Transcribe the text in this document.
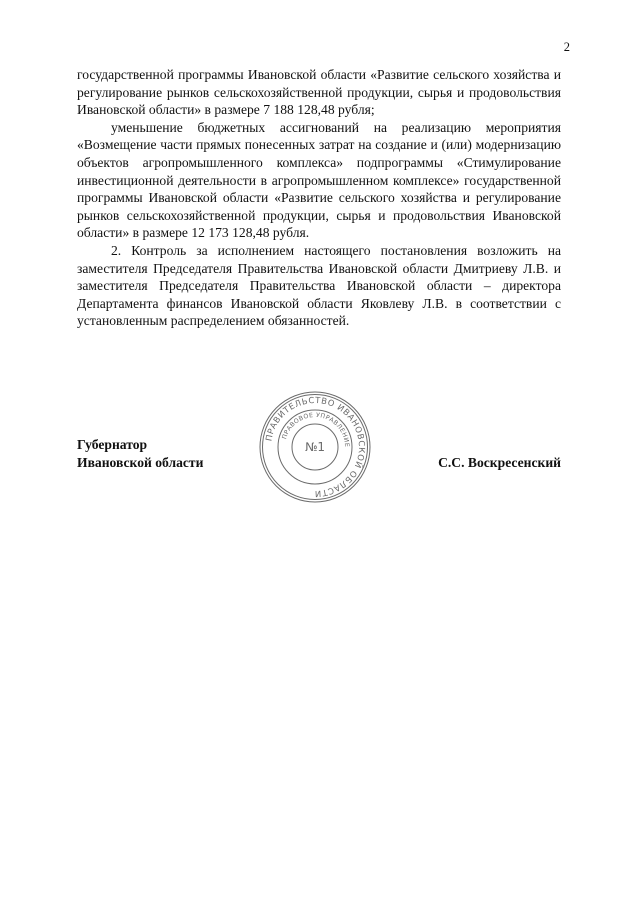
2

государственной программы Ивановской области «Развитие сельского хозяйства и регулирование рынков сельскохозяйственной продукции, сырья и продовольствия Ивановской области» в размере 7 188 128,48 рубля;

уменьшение бюджетных ассигнований на реализацию мероприятия «Возмещение части прямых понесенных затрат на создание и (или) модернизацию объектов агропромышленного комплекса» подпрограммы «Стимулирование инвестиционной деятельности в агропромышленном комплексе» государственной программы Ивановской области «Развитие сельского хозяйства и регулирование рынков сельскохозяйственной продукции, сырья и продовольствия Ивановской области» в размере 12 173 128,48 рубля.

2. Контроль за исполнением настоящего постановления возложить на заместителя Председателя Правительства Ивановской области Дмитриеву Л.В. и заместителя Председателя Правительства Ивановской области – директора Департамента финансов Ивановской области Яковлеву Л.В. в соответствии с установленным распределением обязанностей.

Губернатор
Ивановской области
ПРАВИТЕЛЬСТВО ИВАНОВСКОЙ ОБЛАСТИ
ПРАВОВОЕ УПРАВЛЕНИЕ
№1
С.С. Воскресенский
